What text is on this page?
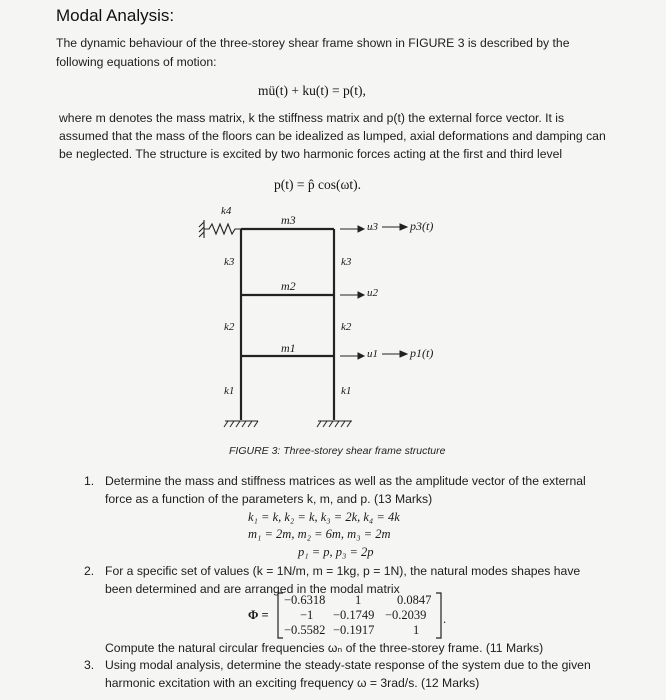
Modal Analysis:
The dynamic behaviour of the three-storey shear frame shown in FIGURE 3 is described by the
following equations of motion:
mü(t) + ku(t) = p(t),
where m denotes the mass matrix, k the stiffness matrix and p(t) the external force vector. It is
assumed that the mass of the floors can be idealized as lumped, axial deformations and damping can
be neglected. The structure is excited by two harmonic forces acting at the first and third level
p(t) = p̂ cos(ωt).
k4
m3	u3	p3(t)
k3	k3
m2	u2
k2	k2
m1	u1	p1(t)
k1	k1
FIGURE 3: Three-storey shear frame structure
1. Determine the mass and stiffness matrices as well as the amplitude vector of the external
force as a function of the parameters k, m, and p. (13 Marks)
k₁ = k, k₂ = k, k₃ = 2k, k₄ = 4k
m₁ = 2m, m₂ = 6m, m₃ = 2m
p₁ = p, p₃ = 2p
2. For a specific set of values (k = 1N/m, m = 1kg, p = 1N), the natural modes shapes have
been determined and are arranged in the modal matrix
Φ =
−0.6318 1	0.0847
−1 −0.1749 −0.2039
−0.5582 −0.1917	1
.
Compute the natural circular frequencies ωₙ of the three-storey frame. (11 Marks)
3. Using modal analysis, determine the steady-state response of the system due to the given
harmonic excitation with an exciting frequency ω = 3rad/s. (12 Marks)
